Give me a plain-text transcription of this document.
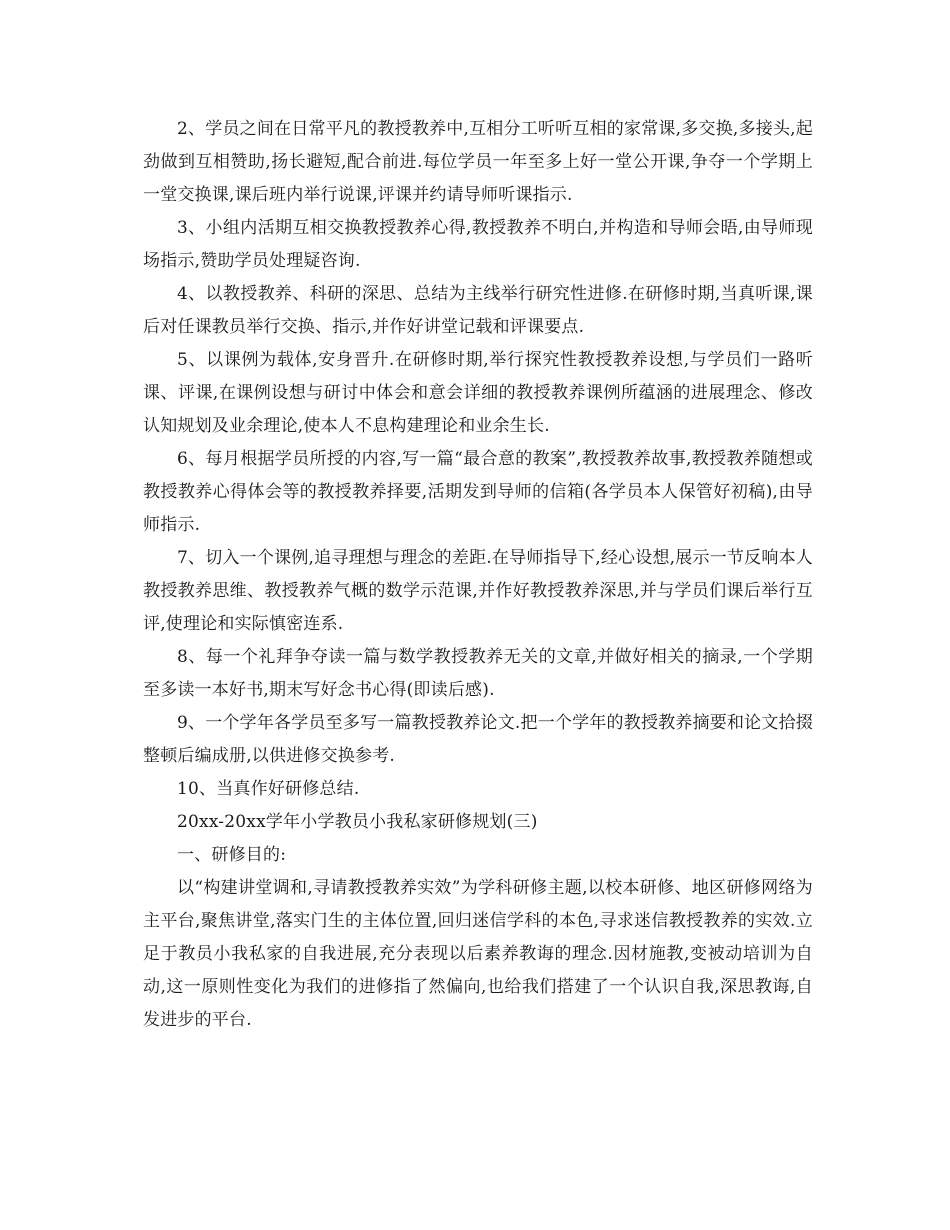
2、学员之间在日常平凡的教授教养中,互相分工听听互相的家常课,多交换,多接头,起劲做到互相赞助,扬长避短,配合前进.每位学员一年至多上好一堂公开课,争夺一个学期上一堂交换课,课后班内举行说课,评课并约请导师听课指示.

3、小组内活期互相交换教授教养心得,教授教养不明白,并构造和导师会晤,由导师现场指示,赞助学员处理疑咨询.

4、以教授教养、科研的深思、总结为主线举行研究性进修.在研修时期,当真听课,课后对任课教员举行交换、指示,并作好讲堂记载和评课要点.

5、以课例为载体,安身晋升.在研修时期,举行探究性教授教养设想,与学员们一路听课、评课,在课例设想与研讨中体会和意会详细的教授教养课例所蕴涵的进展理念、修改认知规划及业余理论,使本人不息构建理论和业余生长.

6、每月根据学员所授的内容,写一篇“最合意的教案”,教授教养故事,教授教养随想或教授教养心得体会等的教授教养择要,活期发到导师的信箱(各学员本人保管好初稿),由导师指示.

7、切入一个课例,追寻理想与理念的差距.在导师指导下,经心设想,展示一节反响本人教授教养思维、教授教养气概的数学示范课,并作好教授教养深思,并与学员们课后举行互评,使理论和实际慎密连系.

8、每一个礼拜争夺读一篇与数学教授教养无关的文章,并做好相关的摘录,一个学期至多读一本好书,期末写好念书心得(即读后感).

9、一个学年各学员至多写一篇教授教养论文.把一个学年的教授教养摘要和论文拾掇整顿后编成册,以供进修交换参考.

10、当真作好研修总结.

20xx-20xx学年小学教员小我私家研修规划(三)

一、研修目的:

以“构建讲堂调和,寻请教授教养实效”为学科研修主题,以校本研修、地区研修网络为主平台,聚焦讲堂,落实门生的主体位置,回归迷信学科的本色,寻求迷信教授教养的实效.立足于教员小我私家的自我进展,充分表现以后素养教诲的理念.因材施教,变被动培训为自动,这一原则性变化为我们的进修指了然偏向,也给我们搭建了一个认识自我,深思教诲,自发进步的平台.
